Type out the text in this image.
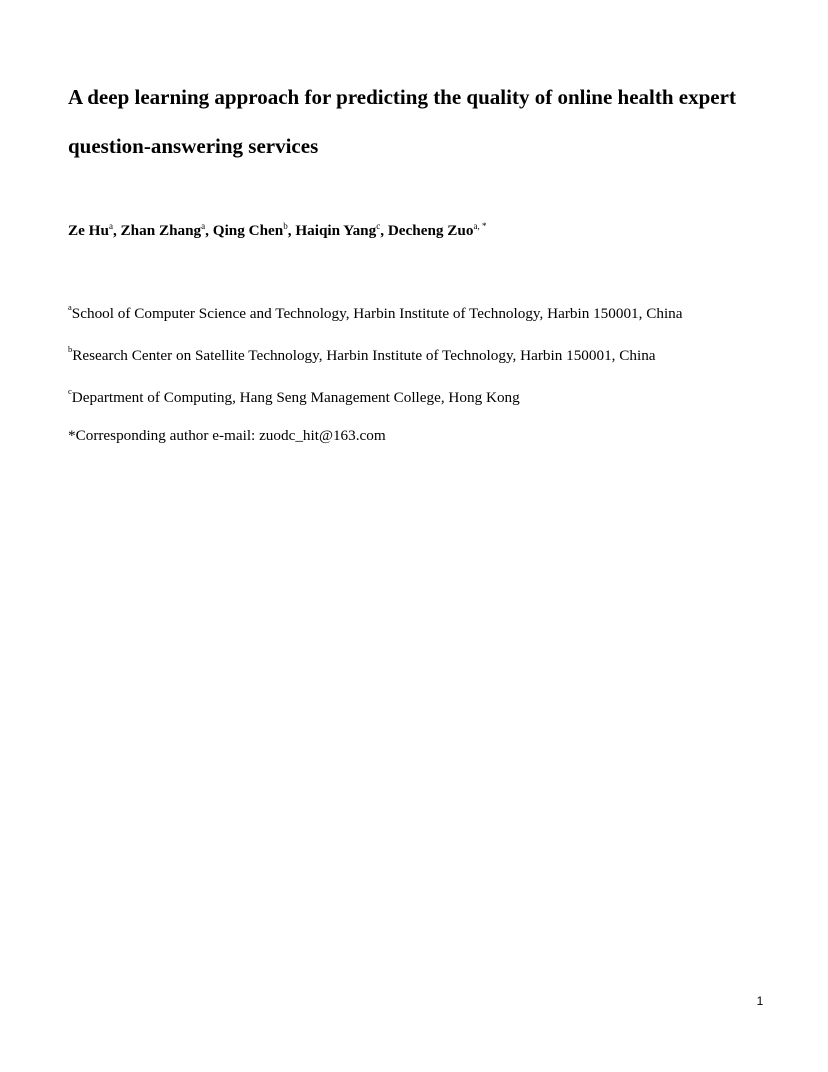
A deep learning approach for predicting the quality of online health expert
question-answering services
Ze Hu$^a$, Zhan Zhang$^a$, Qing Chen$^b$, Haiqin Yang$^c$, Decheng Zuo$^{a, *}$
$^a$School of Computer Science and Technology, Harbin Institute of Technology, Harbin 150001, China
$^b$Research Center on Satellite Technology, Harbin Institute of Technology, Harbin 150001, China
$^c$Department of Computing, Hang Seng Management College, Hong Kong
*Corresponding author e-mail: zuodc_hit@163.com
1
